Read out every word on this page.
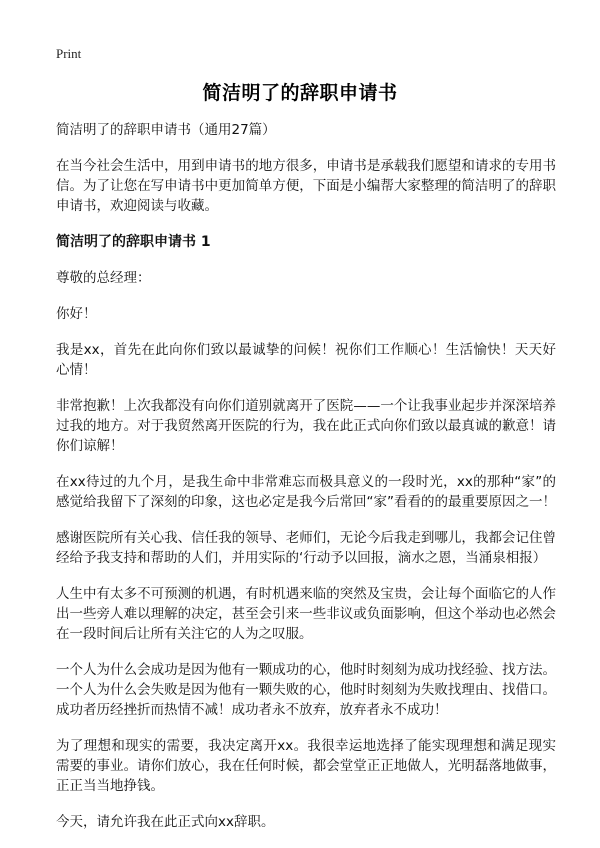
Print
简洁明了的辞职申请书
简洁明了的辞职申请书（通用27篇）
在当今社会生活中，用到申请书的地方很多，申请书是承载我们愿望和请求的专用书信。为了让您在写申请书中更加简单方便，下面是小编帮大家整理的简洁明了的辞职申请书，欢迎阅读与收藏。
简洁明了的辞职申请书 1
尊敬的总经理：
你好！
我是xx，首先在此向你们致以最诚挚的问候！祝你们工作顺心！生活愉快！天天好心情！
非常抱歉！上次我都没有向你们道别就离开了医院——一个让我事业起步并深深培养过我的地方。对于我贸然离开医院的行为，我在此正式向你们致以最真诚的歉意！请你们谅解！
在xx待过的九个月，是我生命中非常难忘而极具意义的一段时光，xx的那种“家”的感觉给我留下了深刻的印象，这也必定是我今后常回“家”看看的的最重要原因之一！
感谢医院所有关心我、信任我的领导、老师们，无论今后我走到哪儿，我都会记住曾经给予我支持和帮助的人们，并用实际的‘行动予以回报，滴水之恩，当涌泉相报）
人生中有太多不可预测的机遇，有时机遇来临的突然及宝贵，会让每个面临它的人作出一些旁人难以理解的决定，甚至会引来一些非议或负面影响，但这个举动也必然会在一段时间后让所有关注它的人为之叹服。
一个人为什么会成功是因为他有一颗成功的心，他时时刻刻为成功找经验、找方法。一个人为什么会失败是因为他有一颗失败的心，他时时刻刻为失败找理由、找借口。成功者历经挫折而热情不减！成功者永不放弃，放弃者永不成功！
为了理想和现实的需要，我决定离开xx。我很幸运地选择了能实现理想和满足现实需要的事业。请你们放心，我在任何时候，都会堂堂正正地做人，光明磊落地做事，正正当当地挣钱。
今天，请允许我在此正式向xx辞职。
